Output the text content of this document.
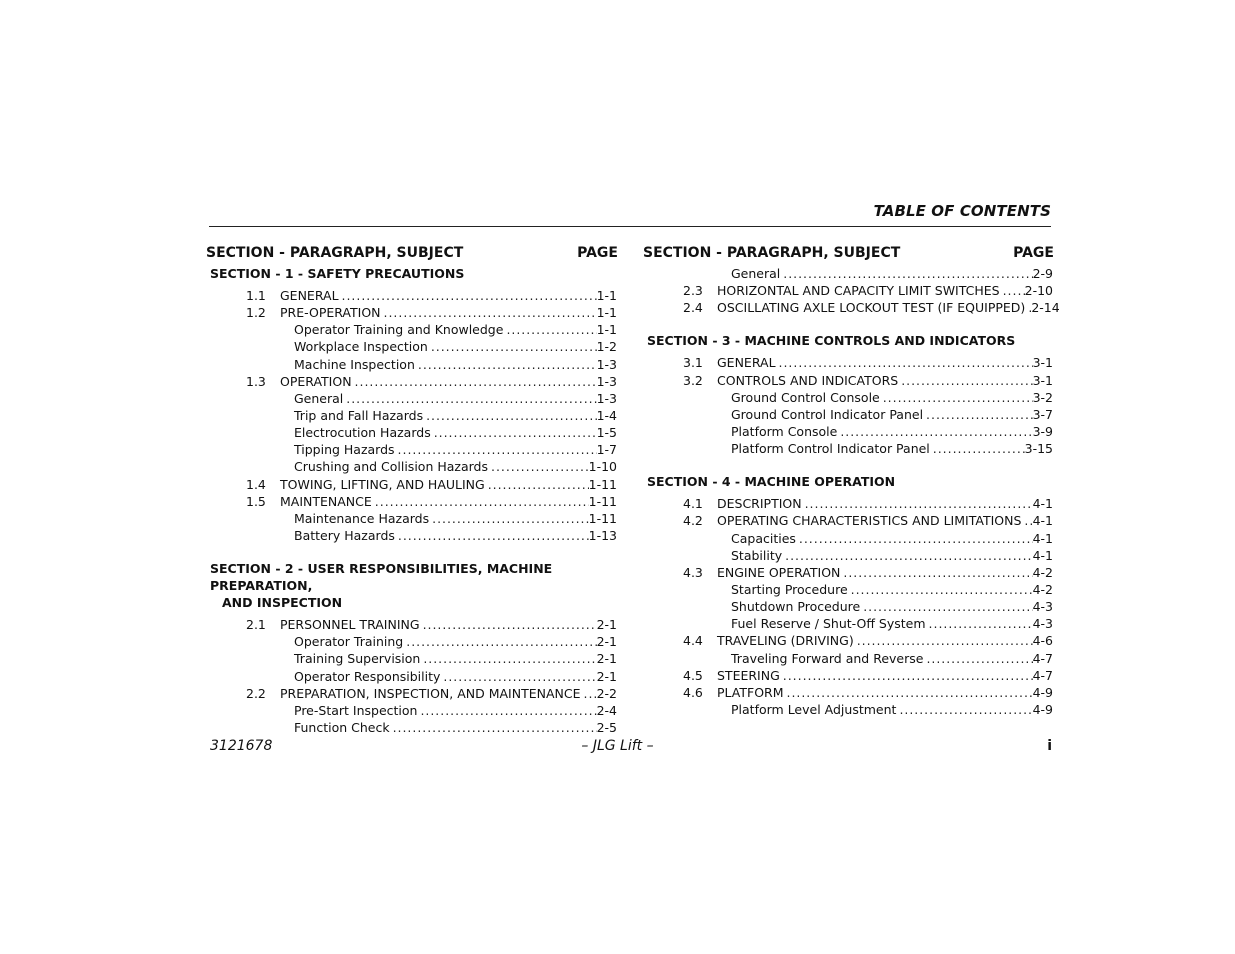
TABLE OF CONTENTS
SECTION - PARAGRAPH, SUBJECT	PAGE
SECTION - 1 - SAFETY PRECAUTIONS
1.1 GENERAL . . .	1-1
1.2 PRE-OPERATION . . .	1-1
Operator Training and Knowledge . . .	1-1
Workplace Inspection . . .	1-2
Machine Inspection . . .	1-3
1.3 OPERATION . . .	1-3
General . . .	1-3
Trip and Fall Hazards . . .	1-4
Electrocution Hazards . . .	1-5
Tipping Hazards . . .	1-7
Crushing and Collision Hazards . . .	1-10
1.4 TOWING, LIFTING, AND HAULING . . .	1-11
1.5 MAINTENANCE . . .	1-11
Maintenance Hazards . . .	1-11
Battery Hazards . . .	1-13
SECTION - 2 - USER RESPONSIBILITIES, MACHINE PREPARATION,
AND INSPECTION
2.1 PERSONNEL TRAINING . . .	2-1
Operator Training . . .	2-1
Training Supervision . . .	2-1
Operator Responsibility . . .	2-1
2.2 PREPARATION, INSPECTION, AND MAINTENANCE . . . 2-2
Pre-Start Inspection . . .	2-4
Function Check . . .	2-5
SECTION - PARAGRAPH, SUBJECT	PAGE
General . . .	2-9
2.3 HORIZONTAL AND CAPACITY LIMIT SWITCHES . . . 2-10
2.4 OSCILLATING AXLE LOCKOUT TEST (IF EQUIPPED) . . . 2-14
SECTION - 3 - MACHINE CONTROLS AND INDICATORS
3.1 GENERAL . . .	3-1
3.2 CONTROLS AND INDICATORS . . .	3-1
Ground Control Console . . .	3-2
Ground Control Indicator Panel . . .	3-7
Platform Console . . .	3-9
Platform Control Indicator Panel . . .	3-15
SECTION - 4 - MACHINE OPERATION
4.1 DESCRIPTION . . .	4-1
4.2 OPERATING CHARACTERISTICS AND LIMITATIONS . . . 4-1
Capacities . . .	4-1
Stability . . .	4-1
4.3 ENGINE OPERATION . . .	4-2
Starting Procedure . . .	4-2
Shutdown Procedure . . .	4-3
Fuel Reserve / Shut-Off System . . .	4-3
4.4 TRAVELING (DRIVING) . . .	4-6
Traveling Forward and Reverse . . .	4-7
4.5 STEERING . . .	4-7
4.6 PLATFORM . . .	4-9
Platform Level Adjustment . . .	4-9
3121678	– JLG Lift –	i
